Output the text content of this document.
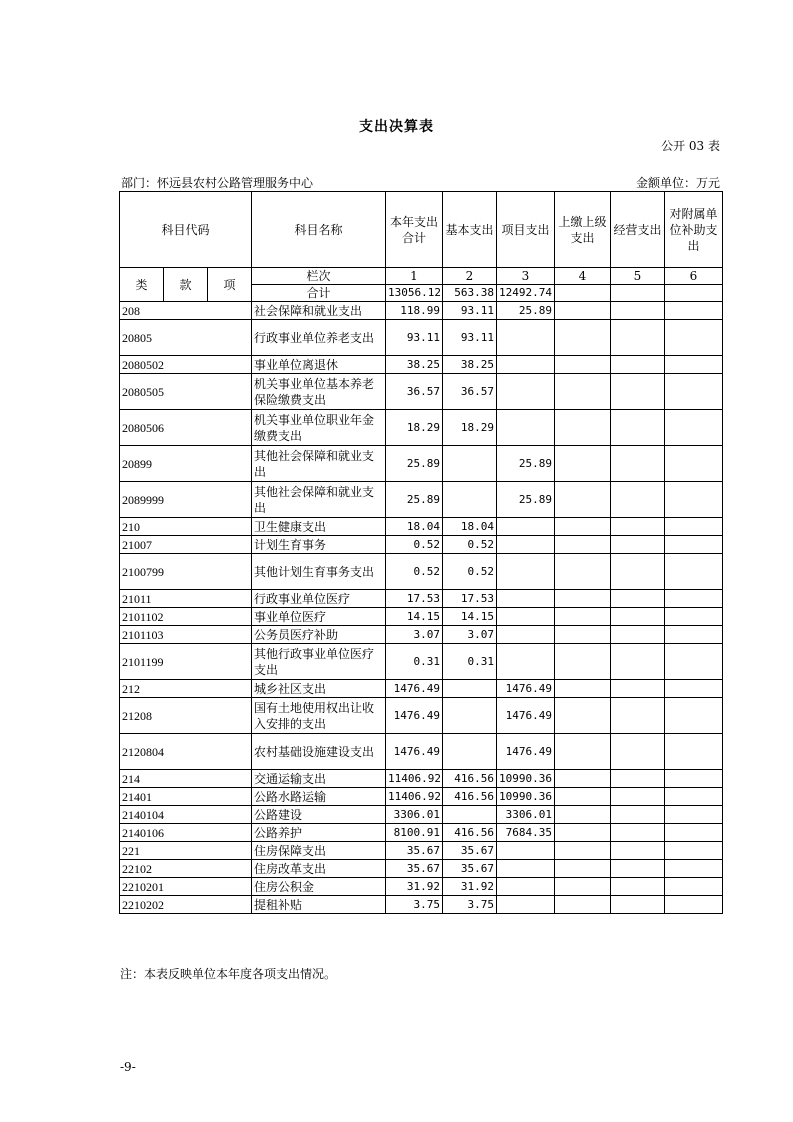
支出决算表
公开 03 表
部门：怀远县农村公路管理服务中心	金额单位：万元
科目代码			科目名称	本年支出合计	基本支出	项目支出	上缴上级支出	经营支出	对附属单位补助支出
类	款	项	栏次	1	2	3	4	5	6
			合计	13056.12	563.38	12492.74			
208			社会保障和就业支出	118.99	93.11	25.89			
20805			行政事业单位养老支出	93.11	93.11				
2080502			事业单位离退休	38.25	38.25				
2080505			机关事业单位基本养老保险缴费支出	36.57	36.57				
2080506			机关事业单位职业年金缴费支出	18.29	18.29				
20899			其他社会保障和就业支出	25.89		25.89			
2089999			其他社会保障和就业支出	25.89		25.89			
210			卫生健康支出	18.04	18.04				
21007			计划生育事务	0.52	0.52				
2100799			其他计划生育事务支出	0.52	0.52				
21011			行政事业单位医疗	17.53	17.53				
2101102			事业单位医疗	14.15	14.15				
2101103			公务员医疗补助	3.07	3.07				
2101199			其他行政事业单位医疗支出	0.31	0.31				
212			城乡社区支出	1476.49		1476.49			
21208			国有土地使用权出让收入安排的支出	1476.49		1476.49			
2120804			农村基础设施建设支出	1476.49		1476.49			
214			交通运输支出	11406.92	416.56	10990.36			
21401			公路水路运输	11406.92	416.56	10990.36			
2140104			公路建设	3306.01		3306.01			
2140106			公路养护	8100.91	416.56	7684.35			
221			住房保障支出	35.67	35.67				
22102			住房改革支出	35.67	35.67				
2210201			住房公积金	31.92	31.92				
2210202			提租补贴	3.75	3.75				
注：本表反映单位本年度各项支出情况。
-9-
